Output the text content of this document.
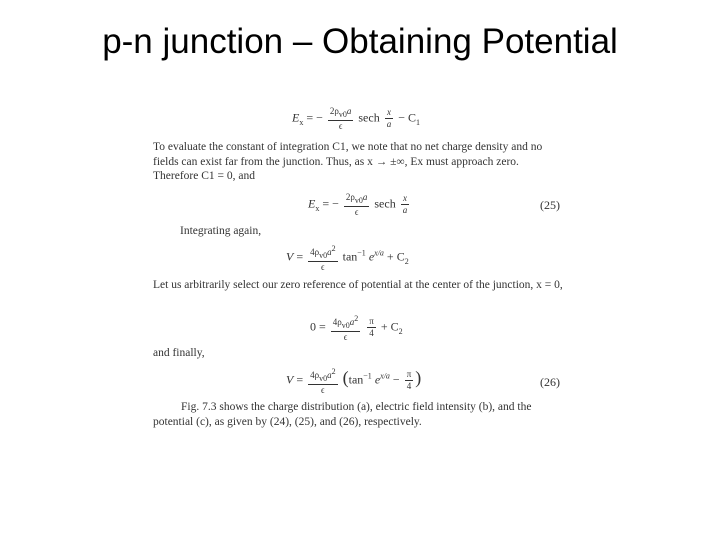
p-n junction – Obtaining Potential
$E_x$ = − $\frac{2\rho_{v0}a}{\epsilon}$ sech $\frac{x}{a} - C_1$
To evaluate the constant of integration C1, we note that no net charge density and no fields can exist far from the junction. Thus, as x → ±∞, Ex must approach zero. Therefore C1 = 0, and
$E_x$ = − $\frac{2\rho_{v0}a}{\epsilon}$ sech $\frac{x}{a}$	(25)
Integrating again,
$V = \frac{4\rho_{v0}a^2}{\epsilon} \tan^{-1} e^{x/a} + C_2$
Let us arbitrarily select our zero reference of potential at the center of the junction, x = 0,
$0 = \frac{4\rho_{v0}a^2}{\epsilon}$
$\frac{\pi}{4} + C_2$
and finally,
$V = \frac{4\rho_{v0}a^2}{\epsilon} (\tan^{-1}$ $e^{x/a} - \frac{\pi}{4}$ )	(26)
Fig. 7.3 shows the charge distribution (a), electric field intensity (b), and the potential (c), as given by (24), (25), and (26), respectively.
